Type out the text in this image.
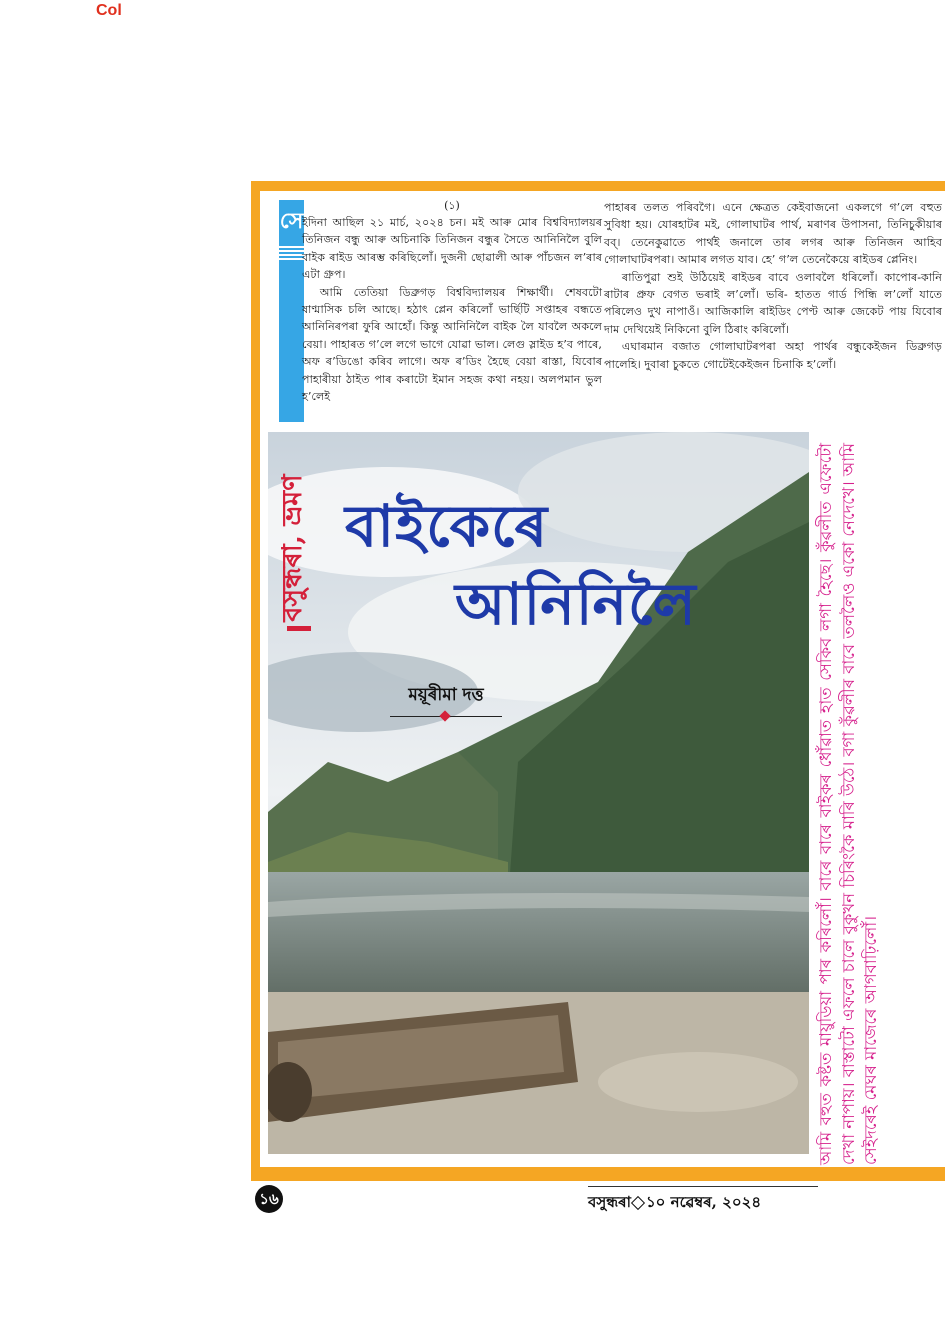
Col
সে
(১)

ইদিনা আছিল ২১ মাৰ্চ, ২০২৪ চন। মই আৰু মোৰ বিশ্ববিদ্যালয়ৰ তিনিজন বন্ধু আৰু অচিনাকি তিনিজন বন্ধুৰ সৈতে আনিনিলৈ বুলি বাইক ৰাইড আৰম্ভ কৰিছিলোঁ। দুজনী ছোৱালী আৰু পাঁচজন ল’ৰাৰ এটা গ্ৰুপ।

আমি তেতিয়া ডিব্ৰুগড় বিশ্ববিদ্যালয়ৰ শিক্ষাৰ্থী। শেষবটো ষাণ্মাসিক চলি আছে। হঠাৎ প্লেন কৰিলোঁ ভাৰ্ছিটি সপ্তাহৰ বন্ধতে আনিনিৰপৰা ফুৰি আহোঁ। কিন্তু আনিনিলৈ বাইক লৈ যাবলৈ অকলে বেয়া। পাহাৰত গ’লে লগে ভাগে যোৱা ভাল। লেগু স্লাইড হ’ব পাৰে, অফ ৰ’ডিঙো কৰিব লাগে। অফ ৰ’ডিং হৈছে বেয়া ৰাস্তা, যিবোৰ পাহাৰীয়া ঠাইত পাৰ কৰাটো ইমান সহজ কথা নহয়। অলপমান ভুল হ’লেই

পাহাৰৰ তলত পৰিবগৈ। এনে ক্ষেত্ৰত কেইবাজনো একলগে গ’লে বহুত সুবিধা হয়। যোৰহাটৰ মই, গোলাঘাটৰ পাৰ্থ, মৰাণৰ উপাসনা, তিনিচুকীয়াৰ বব্। তেনেকুৱাতে পাৰ্থই জনালে তাৰ লগৰ আৰু তিনিজন আহিব গোলাঘাটৰপৰা। আমাৰ লগত যাব। হে’ গ’ল তেনেকৈয়ে ৰাইডৰ প্লেনিং।

ৰাতিপুৱা শুই উঠিয়েই ৰাইডৰ বাবে ওলাবলৈ ধৰিলোঁ। কাপোৰ-কানি ৰাটাৰ প্ৰুফ বেগত ভৰাই ল’লোঁ। ভৰি- হাতত গাৰ্ড পিন্ধি ল’লোঁ যাতে পৰিলেও দুখ নাপাওঁ। আজিকালি ৰাইডিং পেণ্ট আৰু জেকেট পায় যিবোৰ দাম দেখিয়েই নিকিনো বুলি ঠিৰাং কৰিলোঁ।

এঘাৰমান বজাত গোলাঘাটৰপৰা অহা পাৰ্থৰ বন্ধুকেইজন ডিব্ৰুগড় পালেহি। দুবাৰা চুকতে গোটেইকেইজন চিনাকি হ’লোঁ।

বসুন্ধৰা, ভ্ৰমণ বাইকেৰে
আনিনিলৈ
ময়ূৰীমা দত্ত	আমি বহুত কষ্টত মায়ুডিয়া পাৰ কৰিলোঁ। বাৰে বাৰে বাইকৰ ধোঁৱাত হাত সেকিব লগা হৈছে। কুঁৱলীত এফেটো দেখা নাপায়। বাস্তাটো এফলে চালে বুকুখন চিৰিংকৈ মাৰি উঠে। বগা কুঁৱলীৰ বাবে তললৈও একো নেদেখে। আমি সেইদৰেই মেঘৰ মাজেৰে আগবাঢ়িলোঁ।
১৬	বসুন্ধৰা ১০ নৱেম্বৰ, ২০২৪
